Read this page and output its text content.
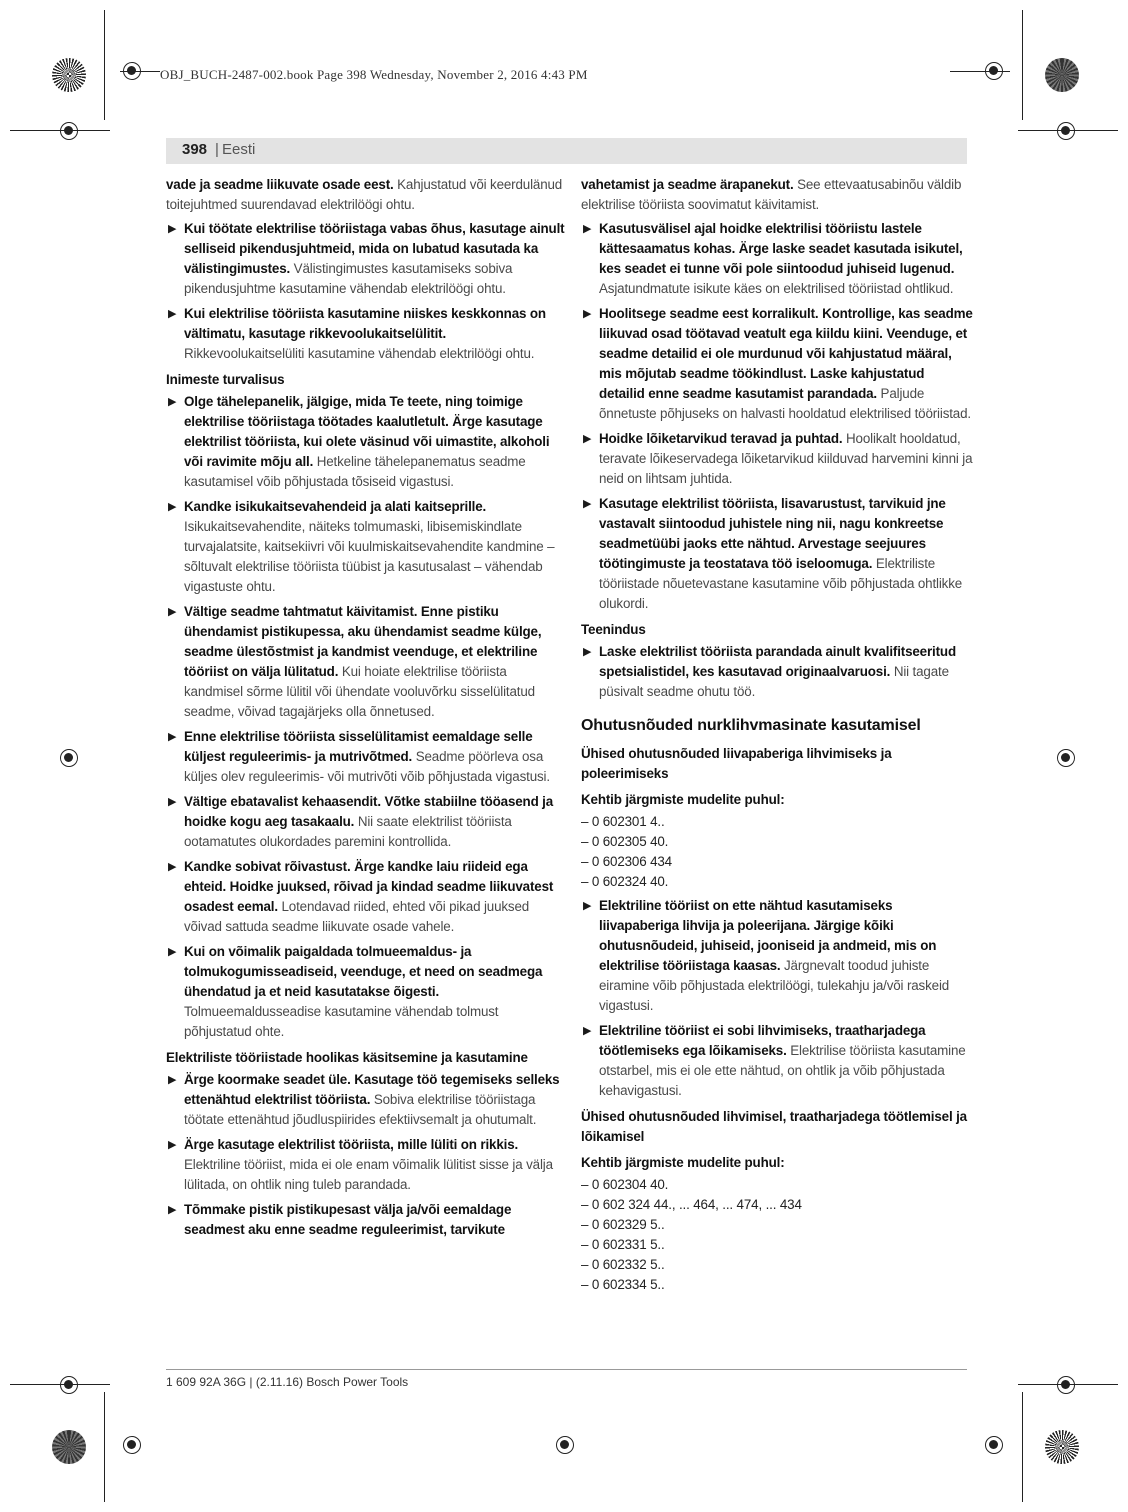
OBJ_BUCH-2487-002.book Page 398 Wednesday, November 2, 2016 4:43 PM
398 | Eesti
vade ja seadme liikuvate osade eest. Kahjustatud või keerdulänud toitejuhtmed suurendavad elektrilöögi ohtu.
▶ Kui töötate elektrilise tööriistaga vabas õhus, kasutage ainult selliseid pikendusjuhtmeid, mida on lubatud kasutada ka välistingimustes. Välistingimustes kasutamiseks sobiva pikendusjuhtme kasutamine vähendab elektrilöögi ohtu.
▶ Kui elektrilise tööriista kasutamine niiskes keskkonnas on vältimatu, kasutage rikkevoolukaitselülitit. Rikkevoolukaitselüliti kasutamine vähendab elektrilöögi ohtu.
Inimeste turvalisus
▶ Olge tähelepanelik, jälgige, mida Te teete, ning toimige elektrilise tööriistaga töötades kaalutletult. Ärge kasutage elektrilist tööriista, kui olete väsinud või uimastite, alkoholi või ravimite mõju all. Hetkeline tähelepanematus seadme kasutamisel võib põhjustada tõsiseid vigastusi.
▶ Kandke isikukaitsevahendeid ja alati kaitseprille. Isikukaitsevahendite, näiteks tolmumaski, libisemiskindlate turvajalatsite, kaitsekiivri või kuulmiskaitsevahendite kandmine – sõltuvalt elektrilise tööriista tüübist ja kasutusalast – vähendab vigastuste ohtu.
▶ Vältige seadme tahtmatut käivitamist. Enne pistiku ühendamist pistikupessa, aku ühendamist seadme külge, seadme ülestõstmist ja kandmist veenduge, et elektriline tööriist on välja lülitatud. Kui hoiate elektrilise tööriista kandmisel sõrme lülitil või ühendate vooluvõrku sisselülitatud seadme, võivad tagajärjeks olla õnnetused.
▶ Enne elektrilise tööriista sisselülitamist eemaldage selle küljest reguleerimis- ja mutrivõtmed. Seadme pöörleva osa küljes olev reguleerimis- või mutrivõti võib põhjustada vigastusi.
▶ Vältige ebatavalist kehaasendit. Võtke stabiilne tööasend ja hoidke kogu aeg tasakaalu. Nii saate elektrilist tööriista ootamatutes olukordades paremini kontrollida.
▶ Kandke sobivat rõivastust. Ärge kandke laiu riideid ega ehteid. Hoidke juuksed, rõivad ja kindad seadme liikuvatest osadest eemal. Lotendavad riided, ehted või pikad juuksed võivad sattuda seadme liikuvate osade vahele.
▶ Kui on võimalik paigaldada tolmueemaldus- ja tolmukogumisseadiseid, veenduge, et need on seadmega ühendatud ja et neid kasutatakse õigesti. Tolmueemaldusseadise kasutamine vähendab tolmust põhjustatud ohte.
Elektriliste tööriistade hoolikas käsitsemine ja kasutamine
▶ Ärge koormake seadet üle. Kasutage töö tegemiseks selleks ettenähtud elektrilist tööriista. Sobiva elektrilise tööriistaga töötate ettenähtud jõudluspiirides efektiivsemalt ja ohutumalt.
▶ Ärge kasutage elektrilist tööriista, mille lüliti on rikkis. Elektriline tööriist, mida ei ole enam võimalik lülitist sisse ja välja lülitada, on ohtlik ning tuleb parandada.
▶ Tõmmake pistik pistikupesast välja ja/või eemaldage seadmest aku enne seadme reguleerimist, tarvikute
vahetamist ja seadme ärapanekut. See ettevaatusabinõu väldib elektrilise tööriista soovimatut käivitamist.
▶ Kasutusvälisel ajal hoidke elektrilisi tööriistu lastele kättesaamatus kohas. Ärge laske seadet kasutada isikutel, kes seadet ei tunne või pole siintoodud juhiseid lugenud. Asjatundmatute isikute käes on elektrilised tööriistad ohtlikud.
▶ Hoolitsege seadme eest korralikult. Kontrollige, kas seadme liikuvad osad töötavad veatult ega kiildu kiini. Veenduge, et seadme detailid ei ole murdunud või kahjustatud määral, mis mõjutab seadme töökindlust. Laske kahjustatud detailid enne seadme kasutamist parandada. Paljude õnnetuste põhjuseks on halvasti hooldatud elektrilised tööriistad.
▶ Hoidke lõiketarvikud teravad ja puhtad. Hoolikalt hooldatud, teravate lõikeservadega lõiketarvikud kiilduvad harvemini kinni ja neid on lihtsam juhtida.
▶ Kasutage elektrilist tööriista, lisavarustust, tarvikuid jne vastavalt siintoodud juhistele ning nii, nagu konkreetse seadmetüübi jaoks ette nähtud. Arvestage seejuures töötingimuste ja teostatava töö iseloomuga. Elektriliste tööriistade nõuetevastane kasutamine võib põhjustada ohtlikke olukordi.
Teenindus
▶ Laske elektrilist tööriista parandada ainult kvalifitseeritud spetsialistidel, kes kasutavad originaalvaruosi. Nii tagate püsivalt seadme ohutu töö.
Ohutusnõuded nurklihvmasinate kasutamisel
Ühised ohutusnõuded liivapaberiga lihvimiseks ja poleerimiseks
Kehtib järgmiste mudelite puhul:
– 0 602301 4..
– 0 602305 40.
– 0 602306 434
– 0 602324 40.
▶ Elektriline tööriist on ette nähtud kasutamiseks liivapaberiga lihvija ja poleerijana. Järgige kõiki ohutusnõudeid, juhiseid, jooniseid ja andmeid, mis on elektrilise tööriistaga kaasas. Järgnevalt toodud juhiste eiramine võib põhjustada elektrilöögi, tulekahju ja/või raskeid vigastusi.
▶ Elektriline tööriist ei sobi lihvimiseks, traatharjadega töötlemiseks ega lõikamiseks. Elektrilise tööriista kasutamine otstarbel, mis ei ole ette nähtud, on ohtlik ja võib põhjustada kehavigastusi.
Ühised ohutusnõuded lihvimisel, traatharjadega töötlemisel ja lõikamisel
Kehtib järgmiste mudelite puhul:
– 0 602304 40.
– 0 602 324 44., ... 464, ... 474, ... 434
– 0 602329 5..
– 0 602331 5..
– 0 602332 5..
– 0 602334 5..
1 609 92A 36G | (2.11.16) Bosch Power Tools
